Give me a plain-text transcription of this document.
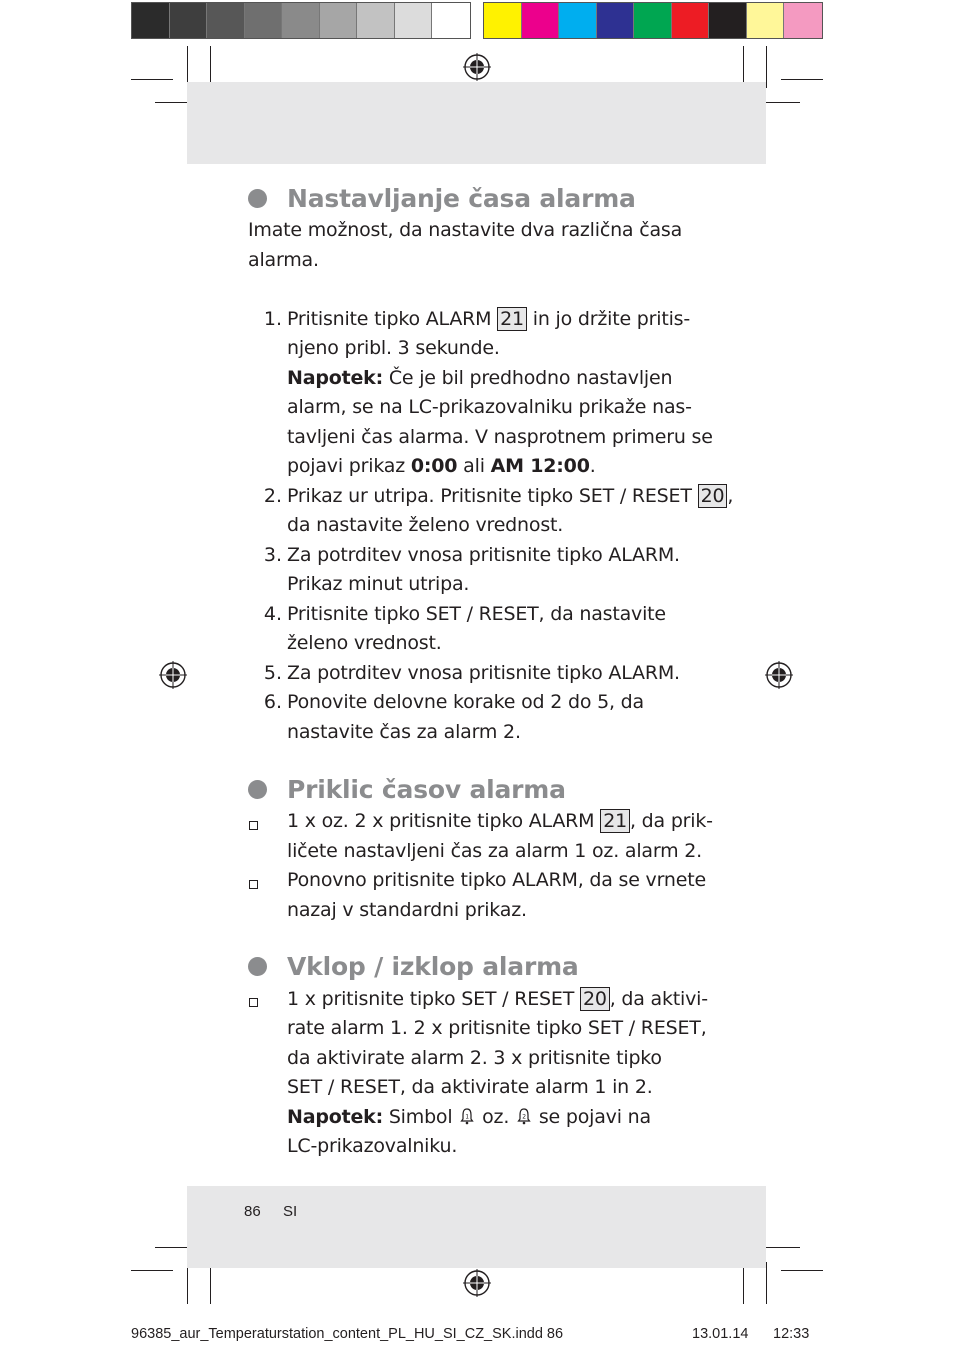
Nastavljanje časa alarma
Imate možnost, da nastavite dva različna časa
alarma.
1. Pritisnite tipko ALARM 21 in jo držite pritis-
njeno pribl. 3 sekunde.
Napotek: Če je bil predhodno nastavljen
alarm, se na LC-prikazovalniku prikaže nas-
tavljeni čas alarma. V nasprotnem primeru se
pojavi prikaz 0:00 ali AM 12:00.
2. Prikaz ur utripa. Pritisnite tipko SET / RESET 20 ,
da nastavite želeno vrednost.
3. Za potrditev vnosa pritisnite tipko ALARM.
Prikaz minut utripa.
4. Pritisnite tipko SET / RESET, da nastavite
želeno vrednost.
5. Za potrditev vnosa pritisnite tipko ALARM.
6. Ponovite delovne korake od 2 do 5, da
nastavite čas za alarm 2.
Priklic časov alarma
1 x oz. 2 x pritisnite tipko ALARM 21 , da prik-
ličete nastavljeni čas za alarm 1 oz. alarm 2.
Ponovno pritisnite tipko ALARM, da se vrnete
nazaj v standardni prikaz.
Vklop / izklop alarma
1 x pritisnite tipko SET / RESET 20 , da aktivi-
rate alarm 1. 2 x pritisnite tipko SET / RESET,
da aktivirate alarm 2. 3 x pritisnite tipko
SET / RESET, da aktivirate alarm 1 in 2.
Napotek: Simbol 1 oz. 2 se pojavi na
LC-prikazovalniku.
86 SI
96385_aur_Temperaturstation_content_PL_HU_SI_CZ_SK.indd 86	13.01.14 12:33
